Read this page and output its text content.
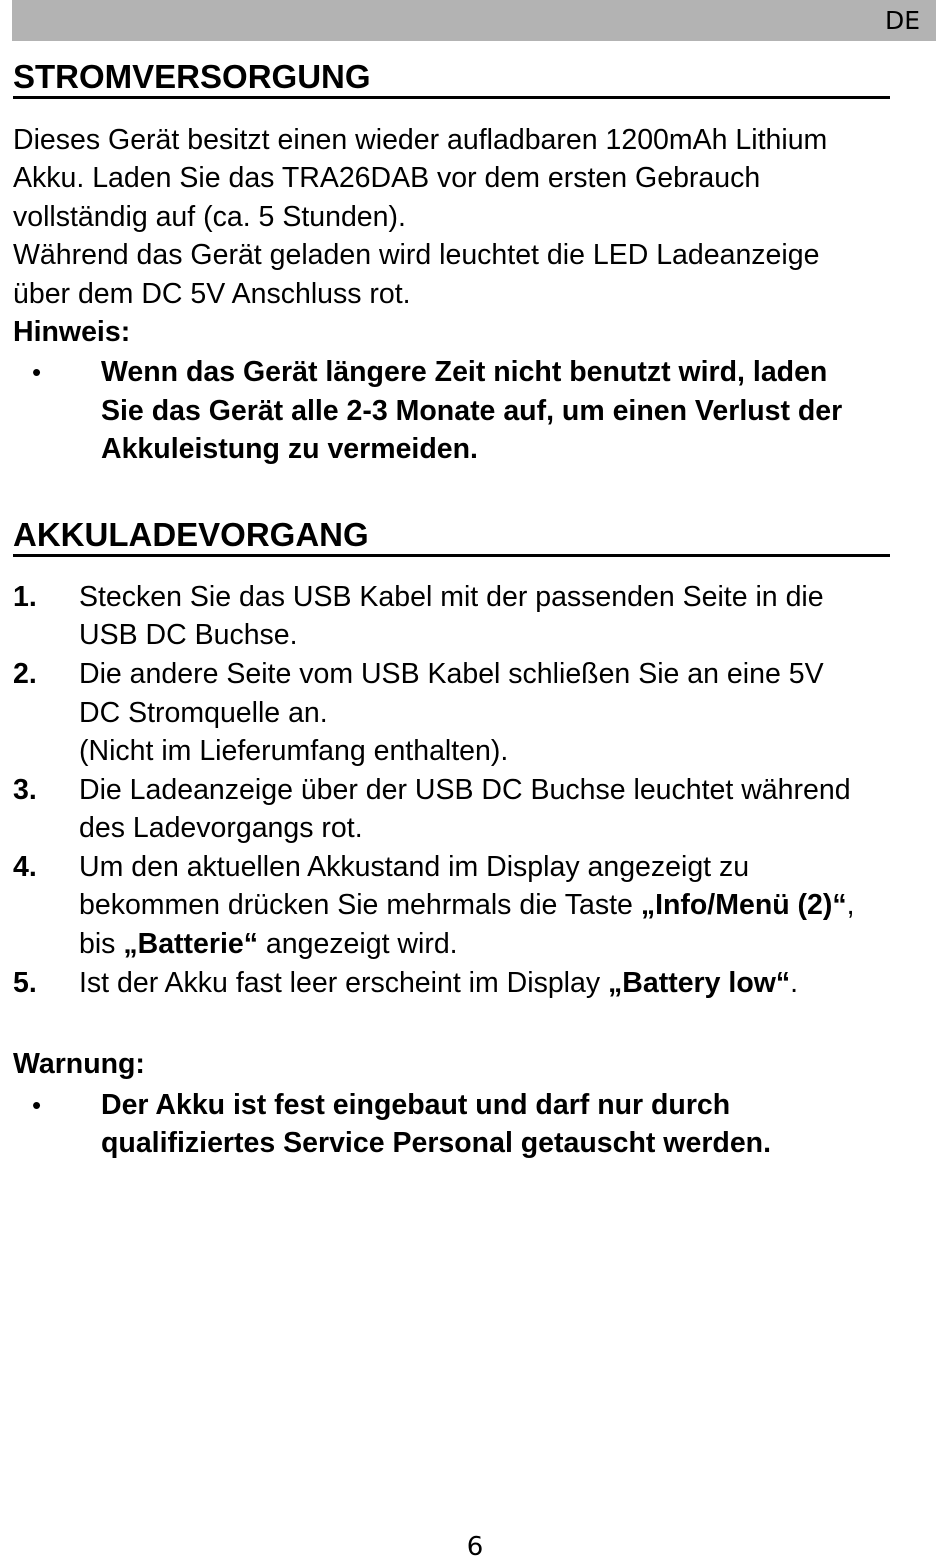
DE
STROMVERSORGUNG
Dieses Gerät besitzt einen wieder aufladbaren 1200mAh Lithium
Akku. Laden Sie das TRA26DAB vor dem ersten Gebrauch
vollständig auf (ca. 5 Stunden).
Während das Gerät geladen wird leuchtet die LED Ladeanzeige
über dem DC 5V Anschluss rot.
Hinweis:
• Wenn das Gerät längere Zeit nicht benutzt wird, laden
Sie das Gerät alle 2-3 Monate auf, um einen Verlust der
Akkuleistung zu vermeiden.
AKKULADEVORGANG
1. Stecken Sie das USB Kabel mit der passenden Seite in die
USB DC Buchse.
2. Die andere Seite vom USB Kabel schließen Sie an eine 5V
DC Stromquelle an.
(Nicht im Lieferumfang enthalten).
3. Die Ladeanzeige über der USB DC Buchse leuchtet während
des Ladevorgangs rot.
4. Um den aktuellen Akkustand im Display angezeigt zu
bekommen drücken Sie mehrmals die Taste „Info/Menü (2)“,
bis „Batterie“ angezeigt wird.
5. Ist der Akku fast leer erscheint im Display „Battery low“.
Warnung:
• Der Akku ist fest eingebaut und darf nur durch
qualifiziertes Service Personal getauscht werden.
6
